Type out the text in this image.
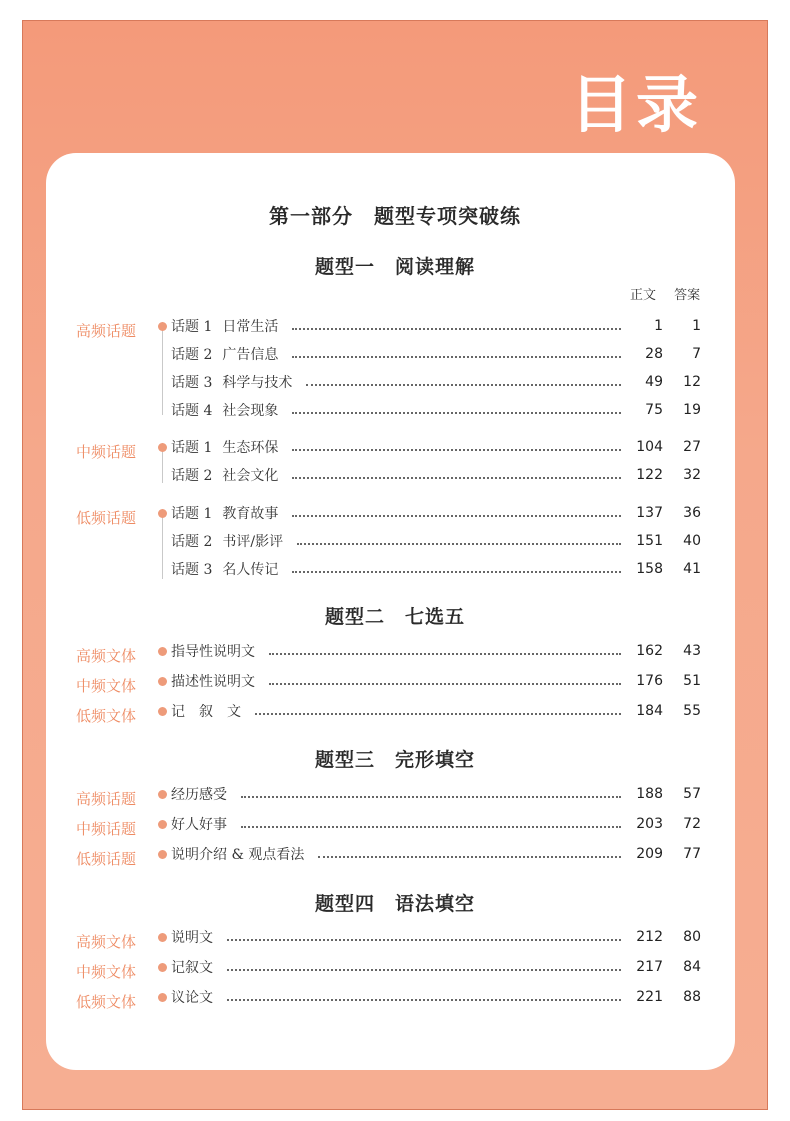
目录
第一部分　题型专项突破练
正文 答案
题型一　阅读理解
高频话题	话题 1 日常生活	1	1
话题 2 广告信息	28	7
话题 3 科学与技术	49	12
话题 4 社会现象	75	19
中频话题	话题 1 生态环保	104	27
话题 2 社会文化	122	32
低频话题	话题 1 教育故事	137	36
话题 2 书评/影评	151	40
话题 3 名人传记	158	41
题型二　七选五
高频文体	指导性说明文	162	43
中频文体	描述性说明文	176	51
低频文体	记　叙　文	184	55
题型三　完形填空
高频话题	经历感受	188	57
中频话题	好人好事	203	72
低频话题	说明介绍 & 观点看法	209	77
题型四　语法填空
高频文体	说明文	212	80
中频文体	记叙文	217	84
低频文体	议论文	221	88
